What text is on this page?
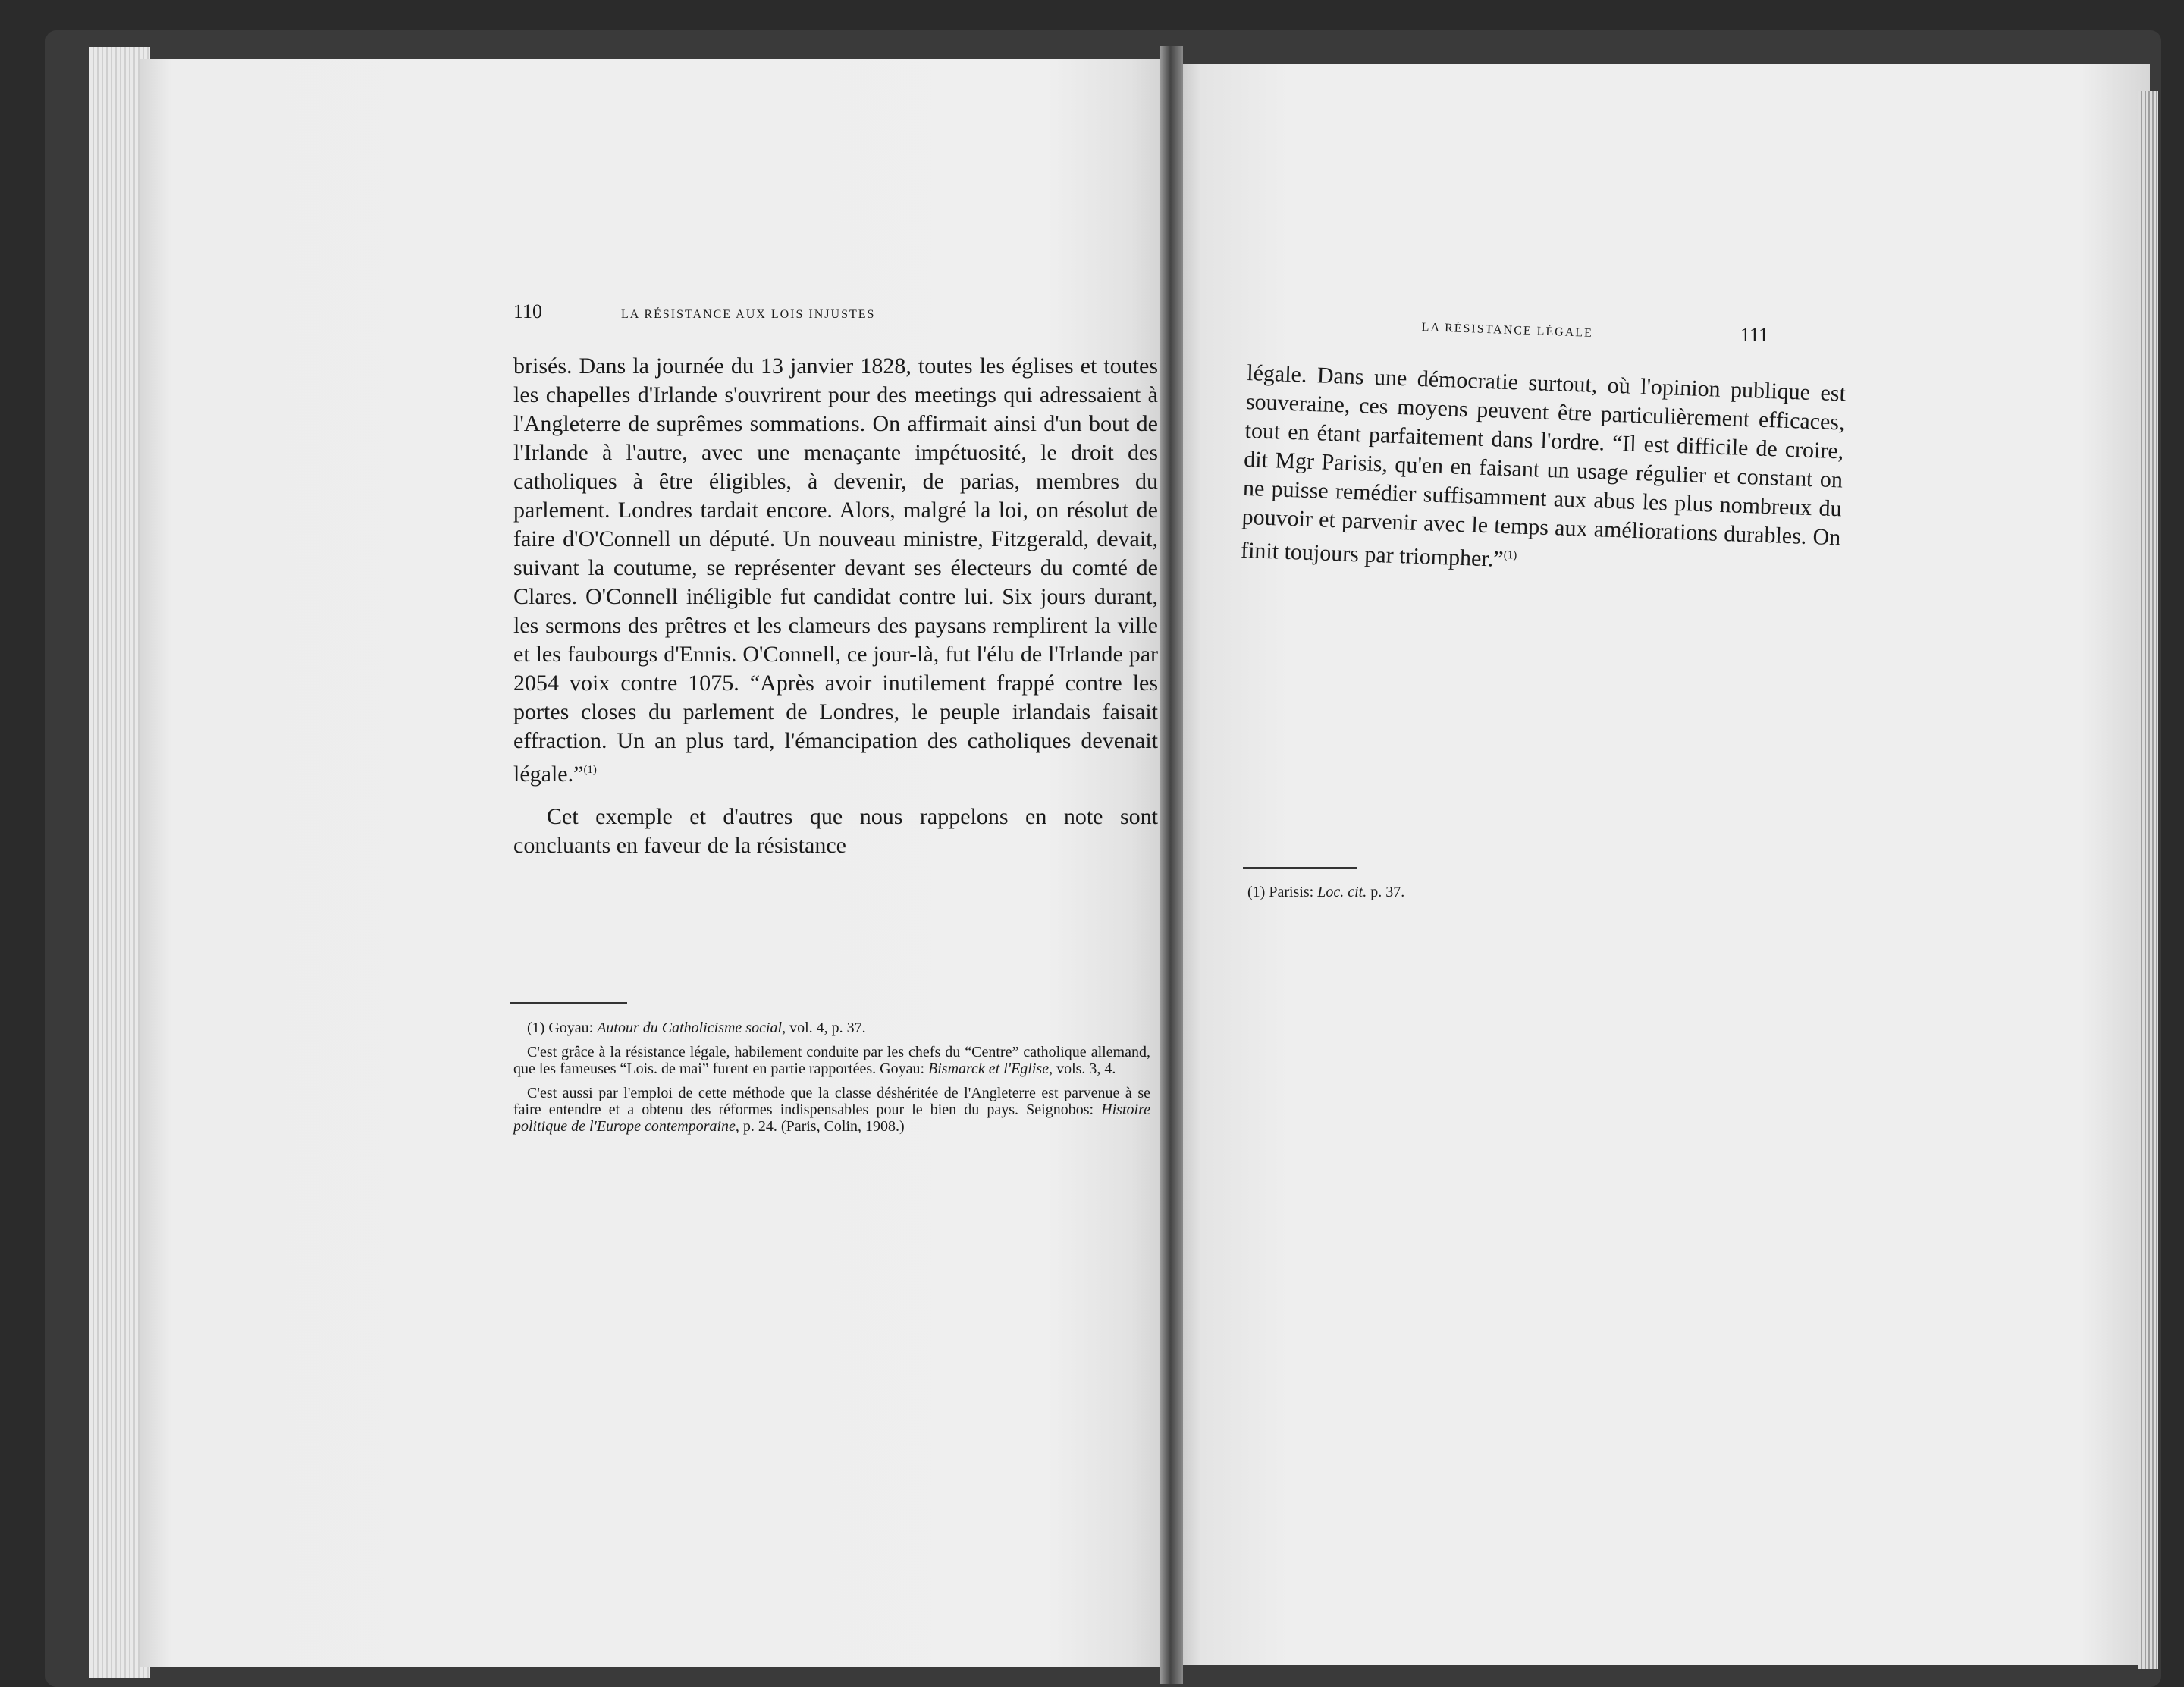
110	LA RÉSISTANCE AUX LOIS INJUSTES

brisés. Dans la journée du 13 janvier 1828, toutes les églises et toutes les chapelles d'Irlande s'ouvrirent pour des meetings qui adressaient à l'Angleterre de suprêmes sommations. On affirmait ainsi d'un bout de l'Irlande à l'autre, avec une menaçante impétuosité, le droit des catholiques à être éligibles, à devenir, de parias, membres du parlement. Londres tardait encore. Alors, malgré la loi, on résolut de faire d'O'Connell un député. Un nouveau ministre, Fitzgerald, devait, suivant la coutume, se représenter devant ses électeurs du comté de Clares. O'Connell inéligible fut candidat contre lui. Six jours durant, les sermons des prêtres et les clameurs des paysans remplirent la ville et les faubourgs d'Ennis. O'Connell, ce jour-là, fut l'élu de l'Irlande par 2054 voix contre 1075. “Après avoir inutilement frappé contre les portes closes du parlement de Londres, le peuple irlandais faisait effraction. Un an plus tard, l'émancipation des catholiques devenait légale.”$^{(1)}$

Cet exemple et d'autres que nous rappelons en note sont concluants en faveur de la résistance

(1) Goyau: Autour du Catholicisme social, vol. 4, p. 37.

C'est grâce à la résistance légale, habilement conduite par les chefs du “Centre” catholique allemand, que les fameuses “Lois. de mai” furent en partie rapportées. Goyau: Bismarck et l'Eglise, vols. 3, 4.

C'est aussi par l'emploi de cette méthode que la classe déshéritée de l'Angleterre est parvenue à se faire entendre et a obtenu des réformes indispensables pour le bien du pays. Seignobos: Histoire politique de l'Europe contemporaine, p. 24. (Paris, Colin, 1908.)

LA RÉSISTANCE LÉGALE	111

légale. Dans une démocratie surtout, où l'opinion publique est souveraine, ces moyens peuvent être particulièrement efficaces, tout en étant parfaitement dans l'ordre. “Il est difficile de croire, dit Mgr Parisis, qu'en en faisant un usage régulier et constant on ne puisse remédier suffisamment aux abus les plus nombreux du pouvoir et parvenir avec le temps aux améliorations durables. On finit toujours par triompher.”$^{(1)}$

(1) Parisis: Loc. cit. p. 37.
